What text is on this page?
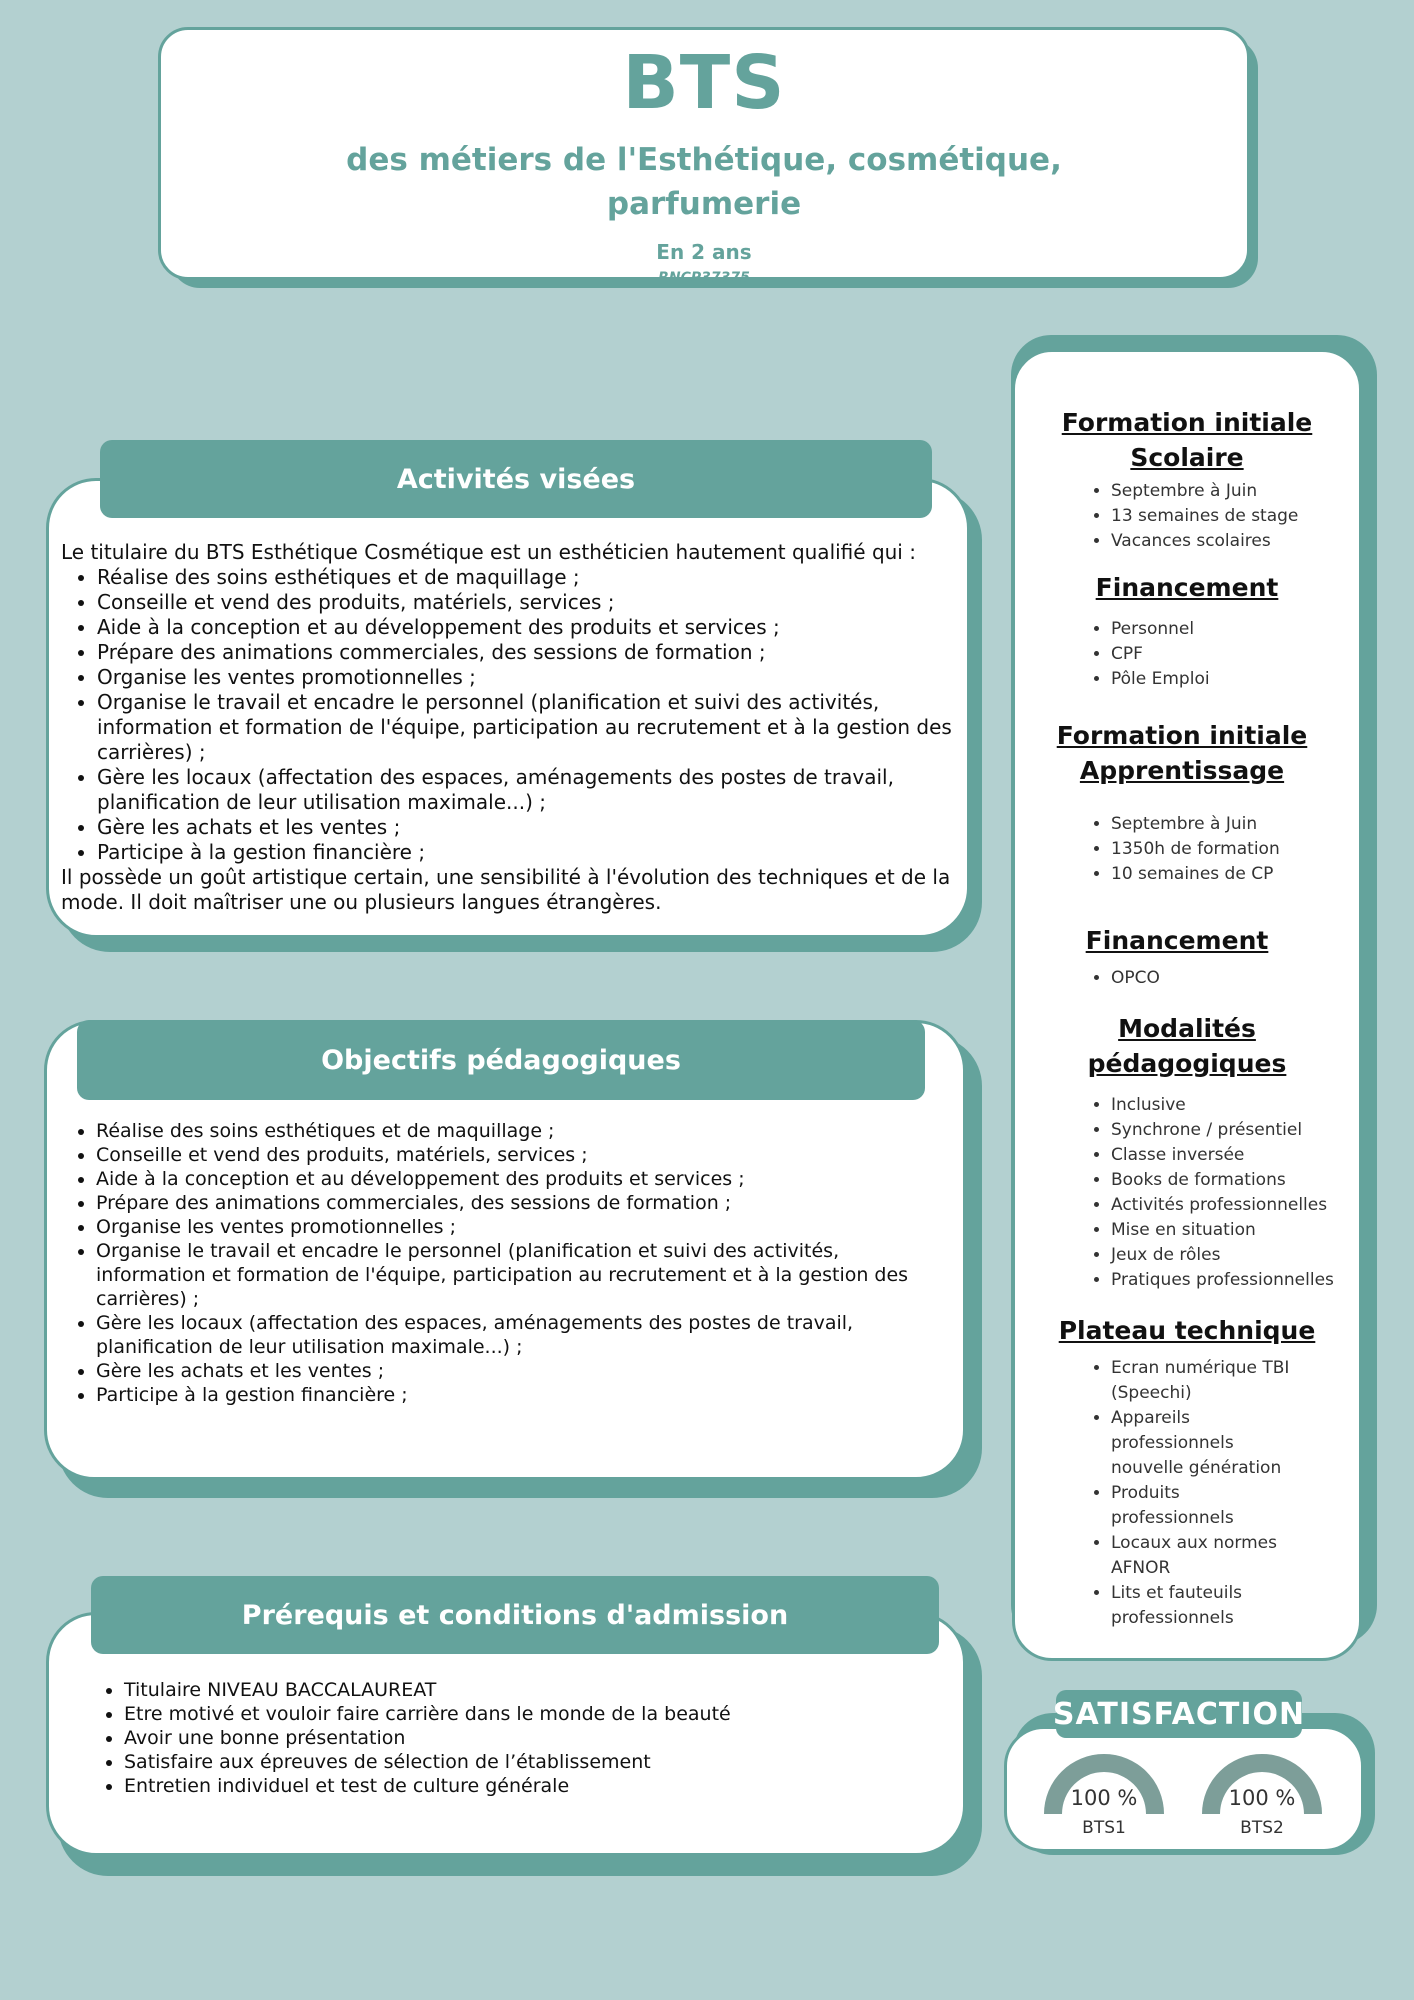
BTS
des métiers de l'Esthétique, cosmétique,
parfumerie
En 2 ans
RNCP37375
Activités visées
Le titulaire du BTS Esthétique Cosmétique est un esthéticien hautement qualifié qui :
• Réalise des soins esthétiques et de maquillage ;
• Conseille et vend des produits, matériels, services ;
• Aide à la conception et au développement des produits et services ;
• Prépare des animations commerciales, des sessions de formation ;
• Organise les ventes promotionnelles ;
• Organise le travail et encadre le personnel (planification et suivi des activités, information et formation de l'équipe, participation au recrutement et à la gestion des carrières) ;
• Gère les locaux (affectation des espaces, aménagements des postes de travail, planification de leur utilisation maximale...) ;
• Gère les achats et les ventes ;
• Participe à la gestion financière ;
Il possède un goût artistique certain, une sensibilité à l'évolution des techniques et de la mode. Il doit maîtriser une ou plusieurs langues étrangères.
Objectifs pédagogiques
• Réalise des soins esthétiques et de maquillage ;
• Conseille et vend des produits, matériels, services ;
• Aide à la conception et au développement des produits et services ;
• Prépare des animations commerciales, des sessions de formation ;
• Organise les ventes promotionnelles ;
• Organise le travail et encadre le personnel (planification et suivi des activités, information et formation de l'équipe, participation au recrutement et à la gestion des carrières) ;
• Gère les locaux (affectation des espaces, aménagements des postes de travail, planification de leur utilisation maximale...) ;
• Gère les achats et les ventes ;
• Participe à la gestion financière ;
Prérequis et conditions d'admission
• Titulaire NIVEAU BACCALAUREAT
• Etre motivé et vouloir faire carrière dans le monde de la beauté
• Avoir une bonne présentation
• Satisfaire aux épreuves de sélection de l’établissement
• Entretien individuel et test de culture générale
Formation initiale
Scolaire
• Septembre à Juin
• 13 semaines de stage
• Vacances scolaires
Financement
• Personnel
• CPF
• Pôle Emploi
Formation initiale
Apprentissage
• Septembre à Juin
• 1350h de formation
• 10 semaines de CP
Financement
• OPCO
Modalités pédagogiques
• Inclusive
• Synchrone / présentiel
• Classe inversée
• Books de formations
• Activités professionnelles
• Mise en situation
• Jeux de rôles
• Pratiques professionnelles
Plateau technique
• Ecran numérique TBI (Speechi)
• Appareils professionnels nouvelle génération
• Produits professionnels
• Locaux aux normes AFNOR
• Lits et fauteuils professionnels
SATISFACTION
100 %
BTS1
100 %
BTS2
